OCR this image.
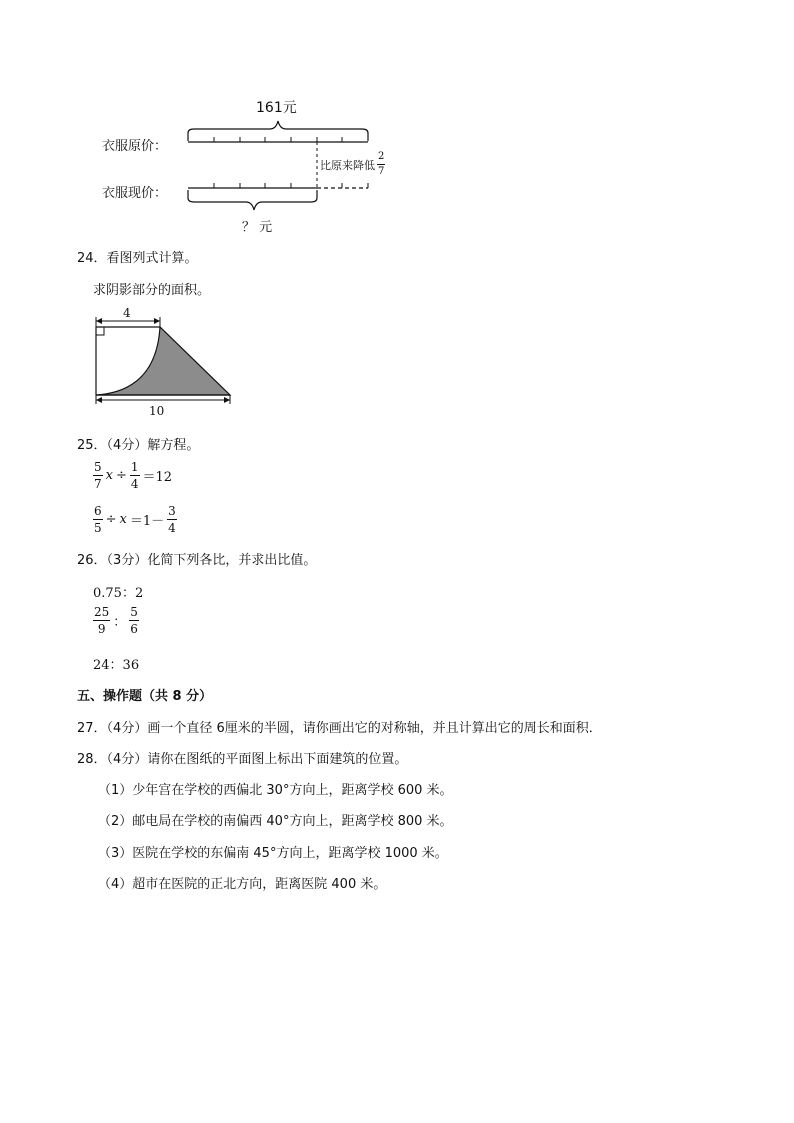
161元
衣服原价：
衣服现价：
比原来降低 $\frac{2}{7}$
？ 元
24．看图列式计算。
求阴影部分的面积。
4
10
25．（4分）解方程。
$\frac{5}{7}$ $x \div \frac{1}{4} =12$
$\frac{6}{5} \div x =1- \frac{3}{4}$
26．（3分）化简下列各比，并求出比值。
0.75：2
$\frac{25}{9}$ ： $\frac{5}{6}$
24：36
五、操作题（共 8 分）
27．（4分）画一个直径 6厘米的半圆，请你画出它的对称轴，并且计算出它的周长和面积．
28．（4分）请你在图纸的平面图上标出下面建筑的位置。
（1）少年宫在学校的西偏北 30°方向上，距离学校 600 米。
（2）邮电局在学校的南偏西 40°方向上，距离学校 800 米。
（3）医院在学校的东偏南 45°方向上，距离学校 1000 米。
（4）超市在医院的正北方向，距离医院 400 米。
